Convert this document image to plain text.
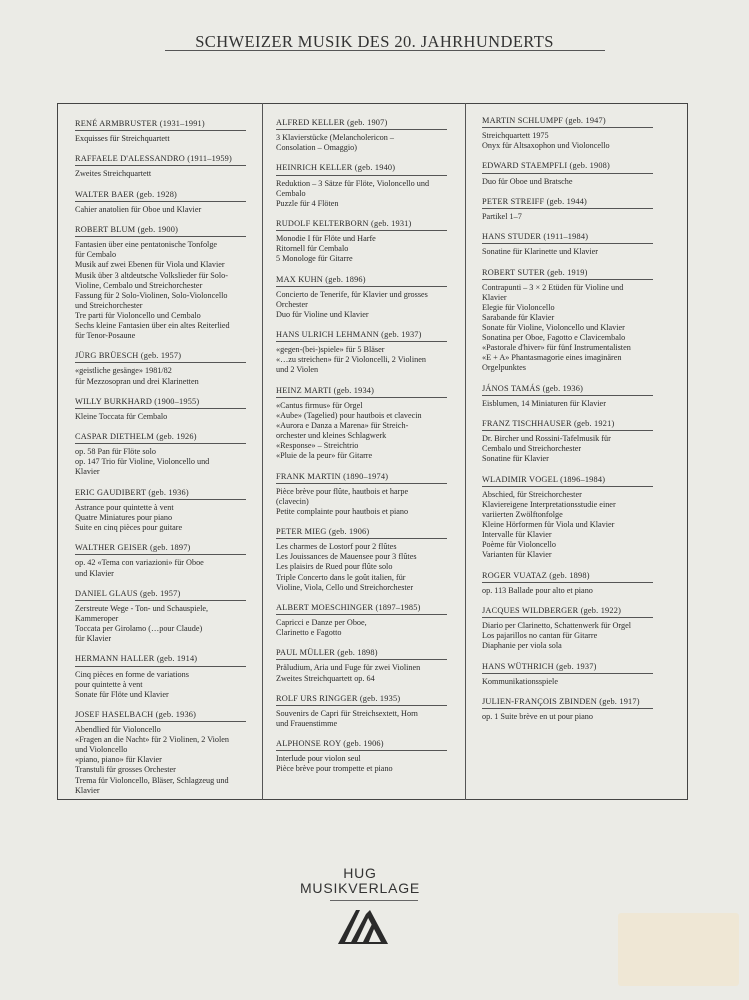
SCHWEIZER MUSIK DES 20. JAHRHUNDERTS
RENÉ ARMBRUSTER (1931–1991)
Exquisses für Streichquartett
RAFFAELE D'ALESSANDRO (1911–1959)
Zweites Streichquartett
WALTER BAER (geb. 1928)
Cahier anatolien für Oboe und Klavier
ROBERT BLUM (geb. 1900)
Fantasien über eine pentatonische Tonfolge
für Cembalo
Musik auf zwei Ebenen für Viola und Klavier
Musik über 3 altdeutsche Volkslieder für Solo-
Violine, Cembalo und Streichorchester
Fassung für 2 Solo-Violinen, Solo-Violoncello
und Streichorchester
Tre parti für Violoncello und Cembalo
Sechs kleine Fantasien über ein altes Reiterlied
für Tenor-Posaune
JÜRG BRÜESCH (geb. 1957)
«geistliche gesänge» 1981/82
für Mezzosopran und drei Klarinetten
WILLY BURKHARD (1900–1955)
Kleine Toccata für Cembalo
CASPAR DIETHELM (geb. 1926)
op. 58 Pan für Flöte solo
op. 147 Trio für Violine, Violoncello und
Klavier
ERIC GAUDIBERT (geb. 1936)
Astrance pour quintette à vent
Quatre Miniatures pour piano
Suite en cinq pièces pour guitare
WALTHER GEISER (geb. 1897)
op. 42 «Tema con variazioni» für Oboe
und Klavier
DANIEL GLAUS (geb. 1957)
Zerstreute Wege - Ton- und Schauspiele,
Kammeroper
Toccata per Girolamo (…pour Claude)
für Klavier
HERMANN HALLER (geb. 1914)
Cinq pièces en forme de variations
pour quintette à vent
Sonate für Flöte und Klavier
JOSEF HASELBACH (geb. 1936)
Abendlied für Violoncello
«Fragen an die Nacht» für 2 Violinen, 2 Violen
und Violoncello
«piano, piano» für Klavier
Transtuli für grosses Orchester
Trema für Violoncello, Bläser, Schlagzeug und
Klavier
ALFRED KELLER (geb. 1907)
3 Klavierstücke (Melancholericon –
Consolation – Omaggio)
HEINRICH KELLER (geb. 1940)
Reduktion – 3 Sätze für Flöte, Violoncello und
Cembalo
Puzzle für 4 Flöten
RUDOLF KELTERBORN (geb. 1931)
Monodie I für Flöte und Harfe
Ritornell für Cembalo
5 Monologe für Gitarre
MAX KUHN (geb. 1896)
Concierto de Tenerife, für Klavier und grosses
Orchester
Duo für Violine und Klavier
HANS ULRICH LEHMANN (geb. 1937)
«gegen-(bei-)spiele» für 5 Bläser
«…zu streichen» für 2 Violoncelli, 2 Violinen
und 2 Violen
HEINZ MARTI (geb. 1934)
«Cantus firmus» für Orgel
«Aube» (Tagelied) pour hautbois et clavecin
«Aurora e Danza a Marena» für Streich-
orchester und kleines Schlagwerk
«Response» – Streichtrio
«Pluie de la peur» für Gitarre
FRANK MARTIN (1890–1974)
Pièce brève pour flûte, hautbois et harpe
(clavecin)
Petite complainte pour hautbois et piano
PETER MIEG (geb. 1906)
Les charmes de Lostorf pour 2 flûtes
Les Jouissances de Mauensee pour 3 flûtes
Les plaisirs de Rued pour flûte solo
Triple Concerto dans le goût italien, für
Violine, Viola, Cello und Streichorchester
ALBERT MOESCHINGER (1897–1985)
Capricci e Danze per Oboe,
Clarinetto e Fagotto
PAUL MÜLLER (geb. 1898)
Präludium, Aria und Fuge für zwei Violinen
Zweites Streichquartett op. 64
ROLF URS RINGGER (geb. 1935)
Souvenirs de Capri für Streichsextett, Horn
und Frauenstimme
ALPHONSE ROY (geb. 1906)
Interlude pour violon seul
Pièce brève pour trompette et piano
MARTIN SCHLUMPF (geb. 1947)
Streichquartett 1975
Onyx für Altsaxophon und Violoncello
EDWARD STAEMPFLI (geb. 1908)
Duo für Oboe und Bratsche
PETER STREIFF (geb. 1944)
Partikel 1–7
HANS STUDER (1911–1984)
Sonatine für Klarinette und Klavier
ROBERT SUTER (geb. 1919)
Contrapunti – 3 × 2 Etüden für Violine und
Klavier
Elegie für Violoncello
Sarabande für Klavier
Sonate für Violine, Violoncello und Klavier
Sonatina per Oboe, Fagotto e Clavicembalo
«Pastorale d'hiver» für fünf Instrumentalisten
«E + A» Phantasmagorie eines imaginären
Orgelpunktes
JÁNOS TAMÁS (geb. 1936)
Eisblumen, 14 Miniaturen für Klavier
FRANZ TISCHHAUSER (geb. 1921)
Dr. Bircher und Rossini-Tafelmusik für
Cembalo und Streichorchester
Sonatine für Klavier
WLADIMIR VOGEL (1896–1984)
Abschied, für Streichorchester
Klaviereigene Interpretationsstudie einer
variierten Zwölftonfolge
Kleine Hörformen für Viola und Klavier
Intervalle für Klavier
Poème für Violoncello
Varianten für Klavier
ROGER VUATAZ (geb. 1898)
op. 113 Ballade pour alto et piano
JACQUES WILDBERGER (geb. 1922)
Diario per Clarinetto, Schattenwerk für Orgel
Los pajarillos no cantan für Gitarre
Diaphanie per viola sola
HANS WÜTHRICH (geb. 1937)
Kommunikationsspiele
JULIEN-FRANÇOIS ZBINDEN (geb. 1917)
op. 1 Suite brève en ut pour piano
HUG
MUSIKVERLAGE
